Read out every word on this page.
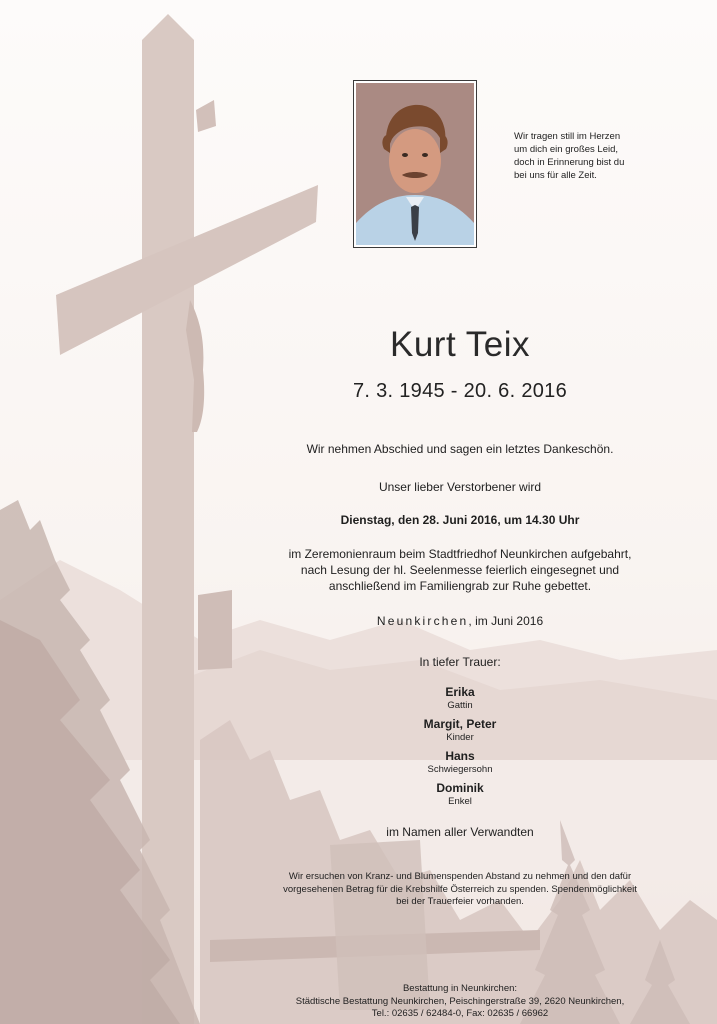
Wir tragen still im Herzen
um dich ein großes Leid,
doch in Erinnerung bist du
bei uns für alle Zeit.
Kurt Teix
7. 3. 1945 - 20. 6. 2016
Wir nehmen Abschied und sagen ein letztes Dankeschön.
Unser lieber Verstorbener wird
Dienstag, den 28. Juni 2016, um 14.30 Uhr
im Zeremonienraum beim Stadtfriedhof Neunkirchen aufgebahrt,
nach Lesung der hl. Seelenmesse feierlich eingesegnet und
anschließend im Familiengrab zur Ruhe gebettet.
Neunkirchen, im Juni 2016
In tiefer Trauer:
Erika
Gattin
Margit, Peter
Kinder
Hans
Schwiegersohn
Dominik
Enkel
im Namen aller Verwandten
Wir ersuchen von Kranz- und Blumenspenden Abstand zu nehmen und den dafür
vorgesehenen Betrag für die Krebshilfe Österreich zu spenden. Spendenmöglichkeit
bei der Trauerfeier vorhanden.
Bestattung in Neunkirchen:
Städtische Bestattung Neunkirchen, Peischingerstraße 39, 2620 Neunkirchen,
Tel.: 02635 / 62484-0, Fax: 02635 / 66962
